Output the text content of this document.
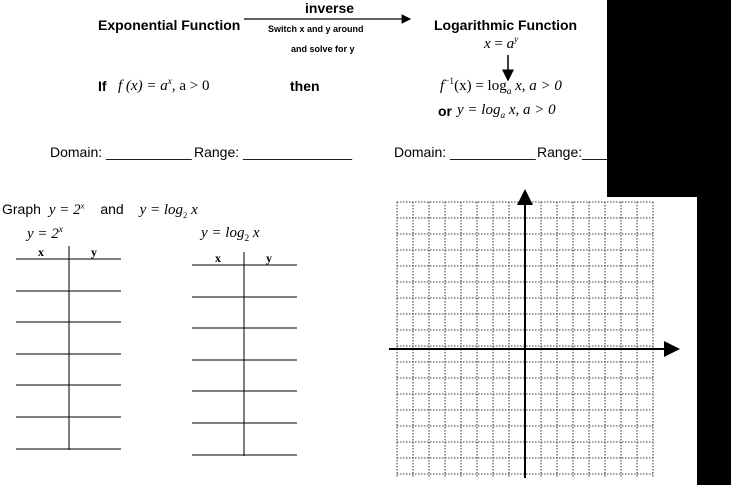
Exponential Function
inverse
Switch x and y around
and solve for y
Logarithmic Function
$x = a^y$
If f $(x) = a^x$, a > 0	then	$f^{-1}(x) = \log_a x$, a > 0
or $y = \log_a x$, a > 0
Domain: ___________ Range: ______________	Domain: ___________ Range:______
Graph $y = 2^x$ and $y = \log_2 x$
$y = 2^x$
x	y
$y = \log_2 x$
x	y
